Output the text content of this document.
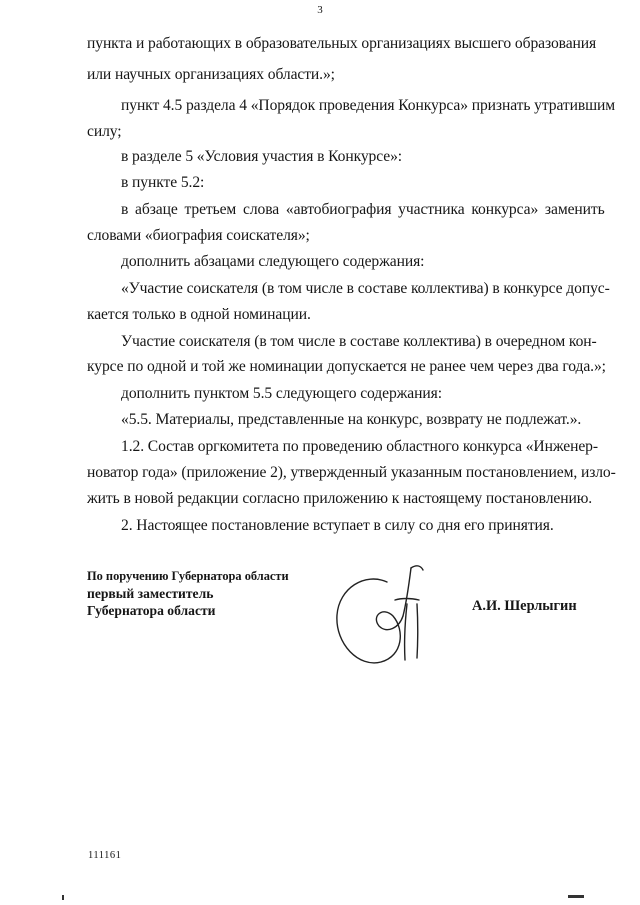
3
пункта и работающих в образовательных организациях высшего образования
или научных организациях области.»;
пункт 4.5 раздела 4 «Порядок проведения Конкурса» признать утратившим
силу;
в разделе 5 «Условия участия в Конкурсе»:
в пункте 5.2:
в абзаце третьем слова «автобиография участника конкурса» заменить
словами «биография соискателя»;
дополнить абзацами следующего содержания:
«Участие соискателя (в том числе в составе коллектива) в конкурсе допус-
кается только в одной номинации.
Участие соискателя (в том числе в составе коллектива) в очередном кон-
курсе по одной и той же номинации допускается не ранее чем через два года.»;
дополнить пунктом 5.5 следующего содержания:
«5.5. Материалы, представленные на конкурс, возврату не подлежат.».
1.2. Состав оргкомитета по проведению областного конкурса «Инженер-
новатор года» (приложение 2), утвержденный указанным постановлением, изло-
жить в новой редакции согласно приложению к настоящему постановлению.
2. Настоящее постановление вступает в силу со дня его принятия.
По поручению Губернатора области
первый заместитель
Губернатора области	А.И. Шерлыгин
111161
